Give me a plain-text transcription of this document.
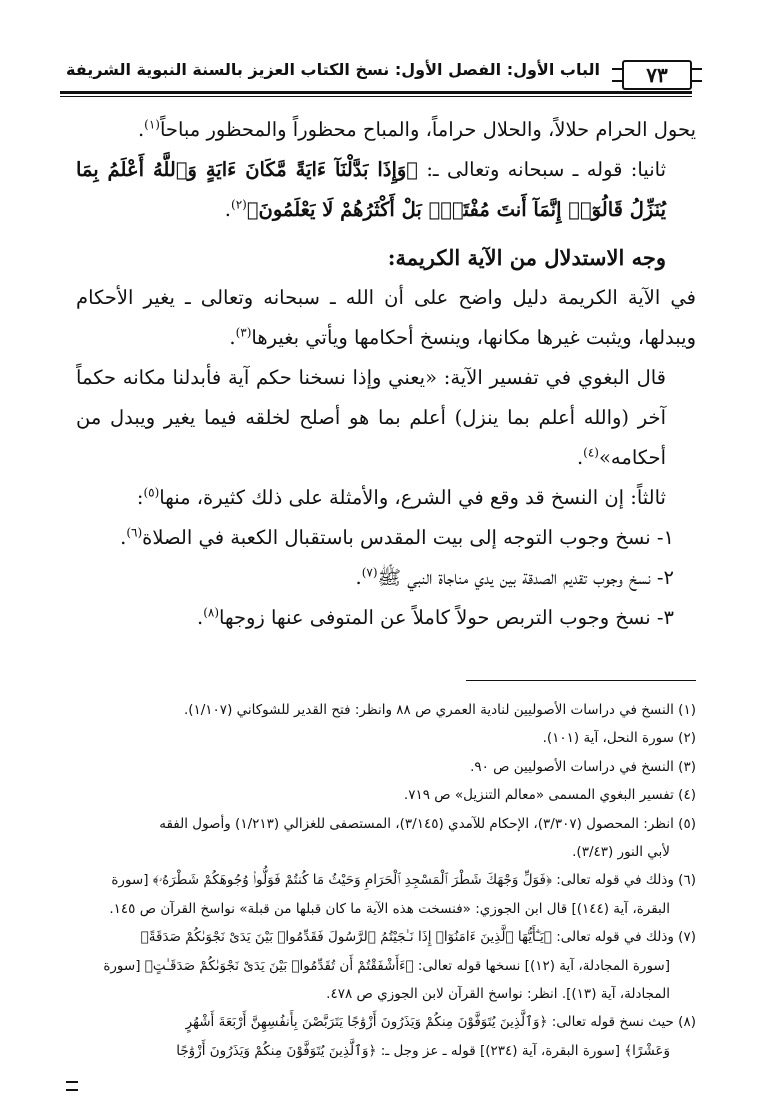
٧٣
الباب الأول: الفصل الأول: نسخ الكتاب العزيز بالسنة النبوية الشريفة

يحول الحرام حلالاً، والحلال حراماً، والمباح محظوراً والمحظور مباحاً$^{(١)}$.

ثانيا: قوله ـ سبحانه وتعالى ـ: ﴿وَإِذَا بَدَّلْنَآ ءَايَةً مَّكَانَ ءَايَةٍ وَٱللَّهُ أَعْلَمُ بِمَا يُنَزِّلُ قَالُوٓا۟ إِنَّمَآ أَنتَ مُفْتَرٍۭ بَلْ أَكْثَرُهُمْ لَا يَعْلَمُونَ﴾$^{(٢)}$.

وجه الاستدلال من الآية الكريمة:

في الآية الكريمة دليل واضح على أن الله ـ سبحانه وتعالى ـ يغير الأحكام ويبدلها، ويثبت غيرها مكانها، وينسخ أحكامها ويأتي بغيرها$^{(٣)}$.

قال البغوي في تفسير الآية: «يعني وإذا نسخنا حكم آية فأبدلنا مكانه حكماً آخر (والله أعلم بما ينزل) أعلم بما هو أصلح لخلقه فيما يغير ويبدل من أحكامه»$^{(٤)}$.

ثالثاً: إن النسخ قد وقع في الشرع، والأمثلة على ذلك كثيرة، منها$^{(٥)}$:

١- نسخ وجوب التوجه إلى بيت المقدس باستقبال الكعبة في الصلاة$^{(٦)}$.

٢- نسخ وجوب تقديم الصدقة بين يدي مناجاة النبي ﷺ$^{(٧)}$.

٣- نسخ وجوب التربص حولاً كاملاً عن المتوفى عنها زوجها$^{(٨)}$.

(١) النسخ في دراسات الأصوليين لنادية العمري ص ٨٨ وانظر: فتح القدير للشوكاني (١/١٠٧).

(٢) سورة النحل، آية (١٠١).

(٣) النسخ في دراسات الأصوليين ص ٩٠.

(٤) تفسير البغوي المسمى «معالم التنزيل» ص ٧١٩.

(٥) انظر: المحصول (٣/٣٠٧)، الإحكام للآمدي (٣/١٤٥)، المستصفى للغزالي (١/٢١٣) وأصول الفقه

لأبي النور (٣/٤٣).

(٦) وذلك في قوله تعالى: ﴿فَوَلِّ وَجْهَكَ شَطْرَ ٱلْمَسْجِدِ ٱلْحَرَامِ وَحَيْثُ مَا كُنتُمْ فَوَلُّوا۟ وُجُوهَكُمْ شَطْرَهُۥ﴾ [سورة

البقرة، آية (١٤٤)] قال ابن الجوزي: «فنسخت هذه الآية ما كان قبلها من قبلة» نواسخ القرآن ص ١٤٥.

(٧) وذلك في قوله تعالى: ﴿يَـٰٓأَيُّهَا ٱلَّذِينَ ءَامَنُوٓا۟ إِذَا نَـٰجَيْتُمُ ٱلرَّسُولَ فَقَدِّمُوا۟ بَيْنَ يَدَىْ نَجْوَىٰكُمْ صَدَقَةً﴾

[سورة المجادلة، آية (١٢)] نسخها قوله تعالى: ﴿ءَأَشْفَقْتُمْ أَن تُقَدِّمُوا۟ بَيْنَ يَدَىْ نَجْوَىٰكُمْ صَدَقَـٰتٍ﴾ [سورة

المجادلة، آية (١٣)]. انظر: نواسخ القرآن لابن الجوزي ص ٤٧٨.

(٨) حيث نسخ قوله تعالى: ﴿وَٱلَّذِينَ يُتَوَفَّوْنَ مِنكُمْ وَيَذَرُونَ أَزْوَٰجًا يَتَرَبَّصْنَ بِأَنفُسِهِنَّ أَرْبَعَةَ أَشْهُرٍ

وَعَشْرًا﴾ [سورة البقرة، آية (٢٣٤)] قوله ـ عز وجل ـ: ﴿وَٱلَّذِينَ يُتَوَفَّوْنَ مِنكُمْ وَيَذَرُونَ أَزْوَٰجًا
